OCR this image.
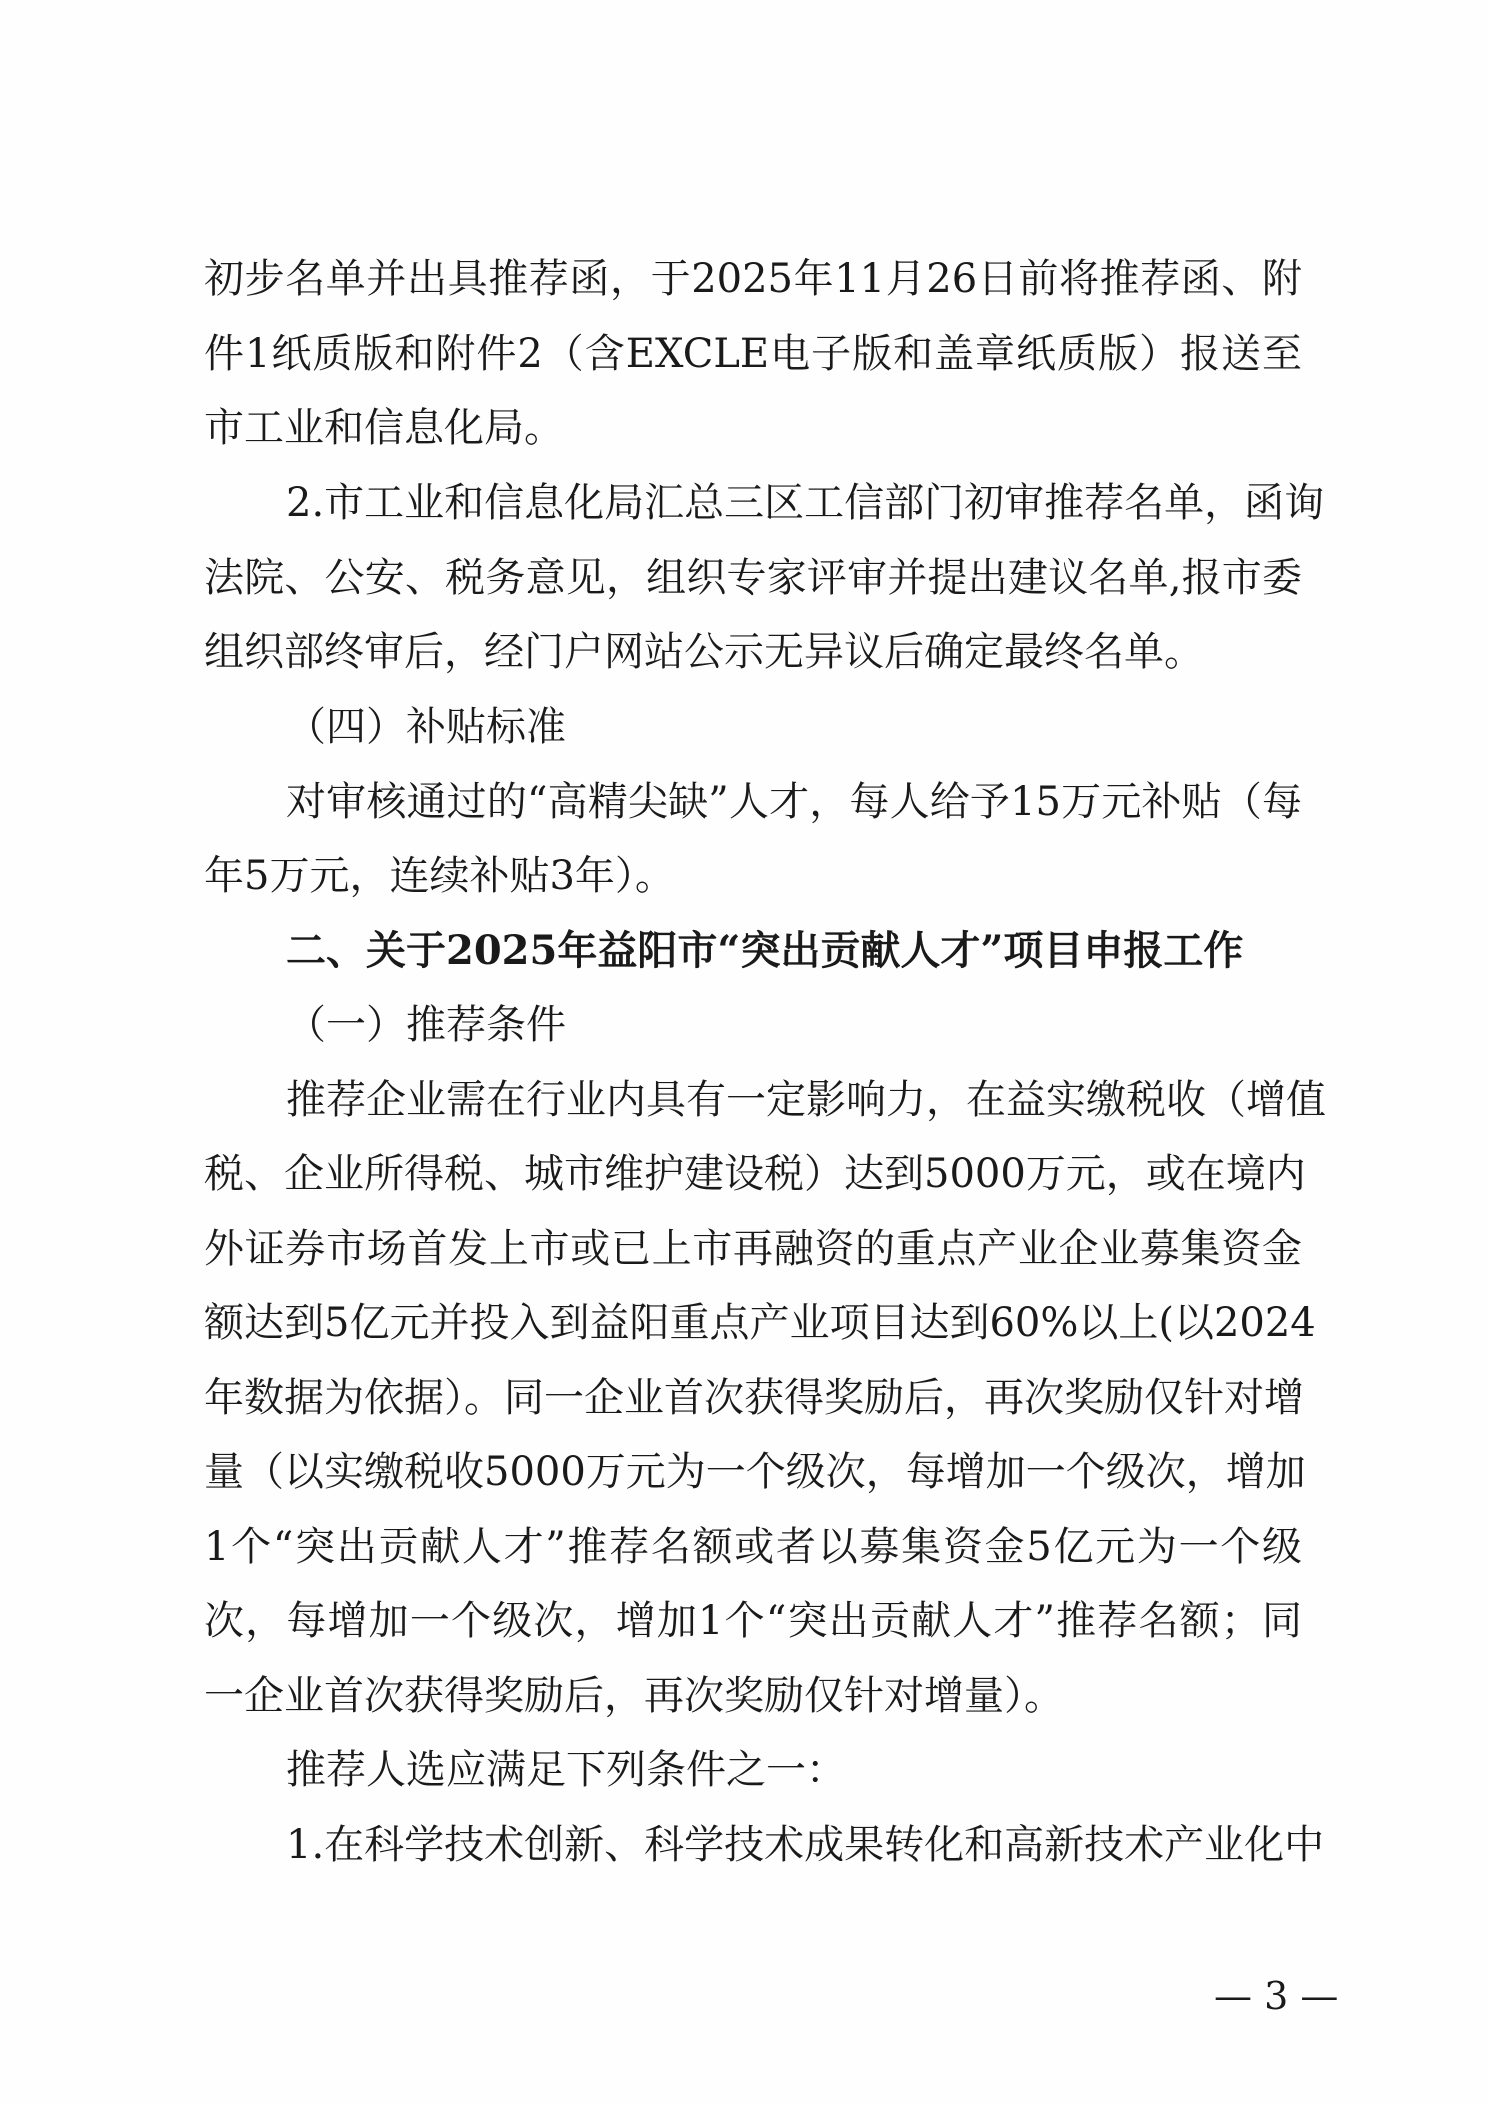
初步名单并出具推荐函，于2025年11月26日前将推荐函、附
件1纸质版和附件2（含EXCLE电子版和盖章纸质版）报送至
市工业和信息化局。
2.市工业和信息化局汇总三区工信部门初审推荐名单，函询
法院、公安、税务意见，组织专家评审并提出建议名单,报市委
组织部终审后，经门户网站公示无异议后确定最终名单。
（四）补贴标准
对审核通过的“高精尖缺”人才，每人给予15万元补贴（每
年5万元，连续补贴3年）。
二、关于2025年益阳市“突出贡献人才”项目申报工作
（一）推荐条件
推荐企业需在行业内具有一定影响力，在益实缴税收（增值
税、企业所得税、城市维护建设税）达到5000万元，或在境内
外证券市场首发上市或已上市再融资的重点产业企业募集资金
额达到5亿元并投入到益阳重点产业项目达到60%以上(以2024
年数据为依据）。同一企业首次获得奖励后，再次奖励仅针对增
量（以实缴税收5000万元为一个级次，每增加一个级次，增加
1个“突出贡献人才”推荐名额或者以募集资金5亿元为一个级
次，每增加一个级次，增加1个“突出贡献人才”推荐名额；同
一企业首次获得奖励后，再次奖励仅针对增量）。
推荐人选应满足下列条件之一：
1.在科学技术创新、科学技术成果转化和高新技术产业化中
— 3 —
